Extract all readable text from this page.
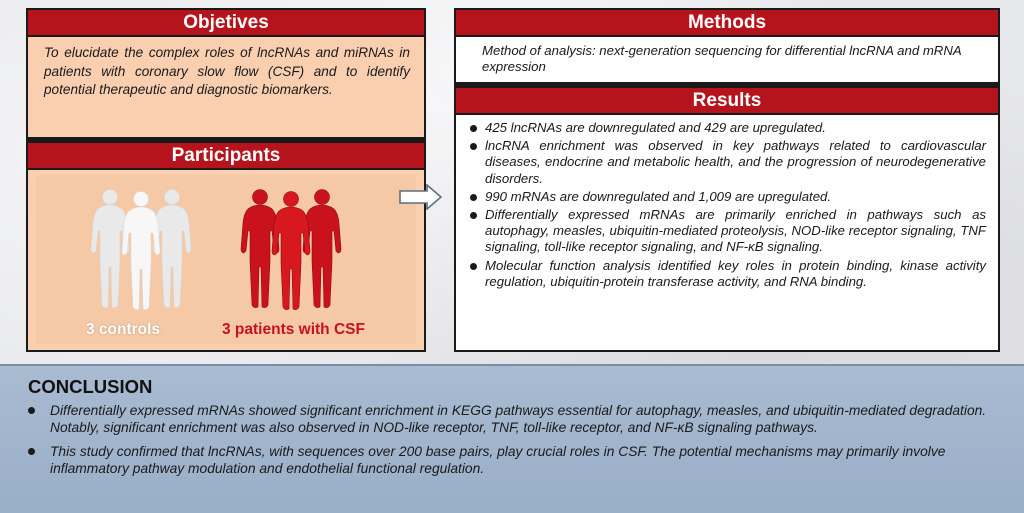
Objetives

To elucidate the complex roles of lncRNAs and miRNAs in patients with coronary slow flow (CSF) and to identify potential therapeutic and diagnostic biomarkers.

Participants
3 controls	3 patients with CSF
Methods

Method of analysis: next-generation sequencing for differential lncRNA and mRNA expression

Results
425 lncRNAs are downregulated and 429 are upregulated.
lncRNA enrichment was observed in key pathways related to cardiovascular diseases, endocrine and metabolic health, and the progression of neurodegenerative disorders.
990 mRNAs are downregulated and 1,009 are upregulated.
Differentially expressed mRNAs are primarily enriched in pathways such as autophagy, measles, ubiquitin-mediated proteolysis, NOD-like receptor signaling, TNF signaling, toll-like receptor signaling, and NF-κB signaling.
Molecular function analysis identified key roles in protein binding, kinase activity regulation, ubiquitin-protein transferase activity, and RNA binding.
CONCLUSION
Differentially expressed mRNAs showed significant enrichment in KEGG pathways essential for autophagy, measles, and ubiquitin-mediated degradation. Notably, significant enrichment was also observed in NOD-like receptor, TNF, toll-like receptor, and NF-κB signaling pathways.
This study confirmed that lncRNAs, with sequences over 200 base pairs, play crucial roles in CSF. The potential mechanisms may primarily involve inflammatory pathway modulation and endothelial functional regulation.
